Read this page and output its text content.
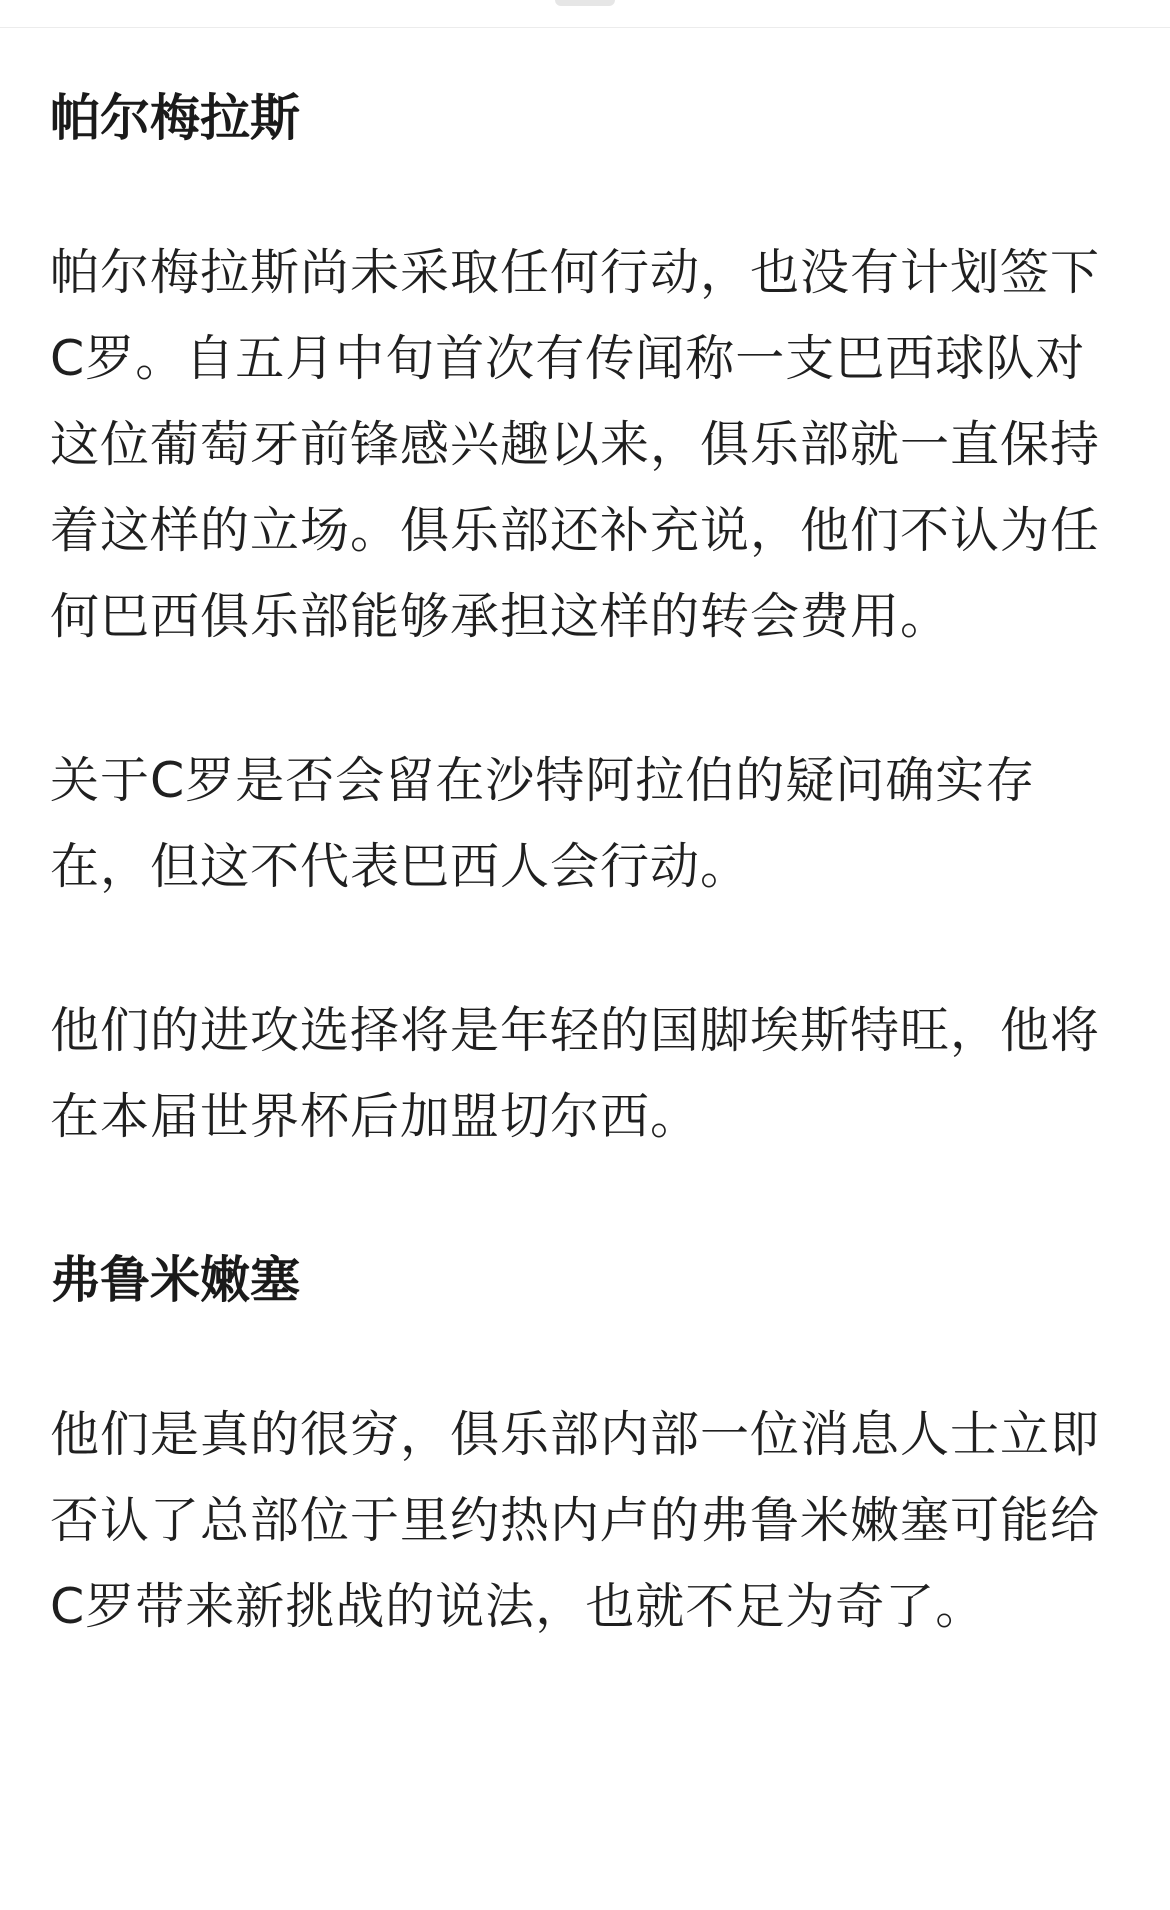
帕尔梅拉斯

帕尔梅拉斯尚未采取任何行动，也没有计划签下C罗。自五月中旬首次有传闻称一支巴西球队对这位葡萄牙前锋感兴趣以来，俱乐部就一直保持着这样的立场。俱乐部还补充说，他们不认为任何巴西俱乐部能够承担这样的转会费用。

关于C罗是否会留在沙特阿拉伯的疑问确实存在，但这不代表巴西人会行动。

他们的进攻选择将是年轻的国脚埃斯特旺，他将在本届世界杯后加盟切尔西。

弗鲁米嫩塞

他们是真的很穷，俱乐部内部一位消息人士立即否认了总部位于里约热内卢的弗鲁米嫩塞可能给C罗带来新挑战的说法，也就不足为奇了。
